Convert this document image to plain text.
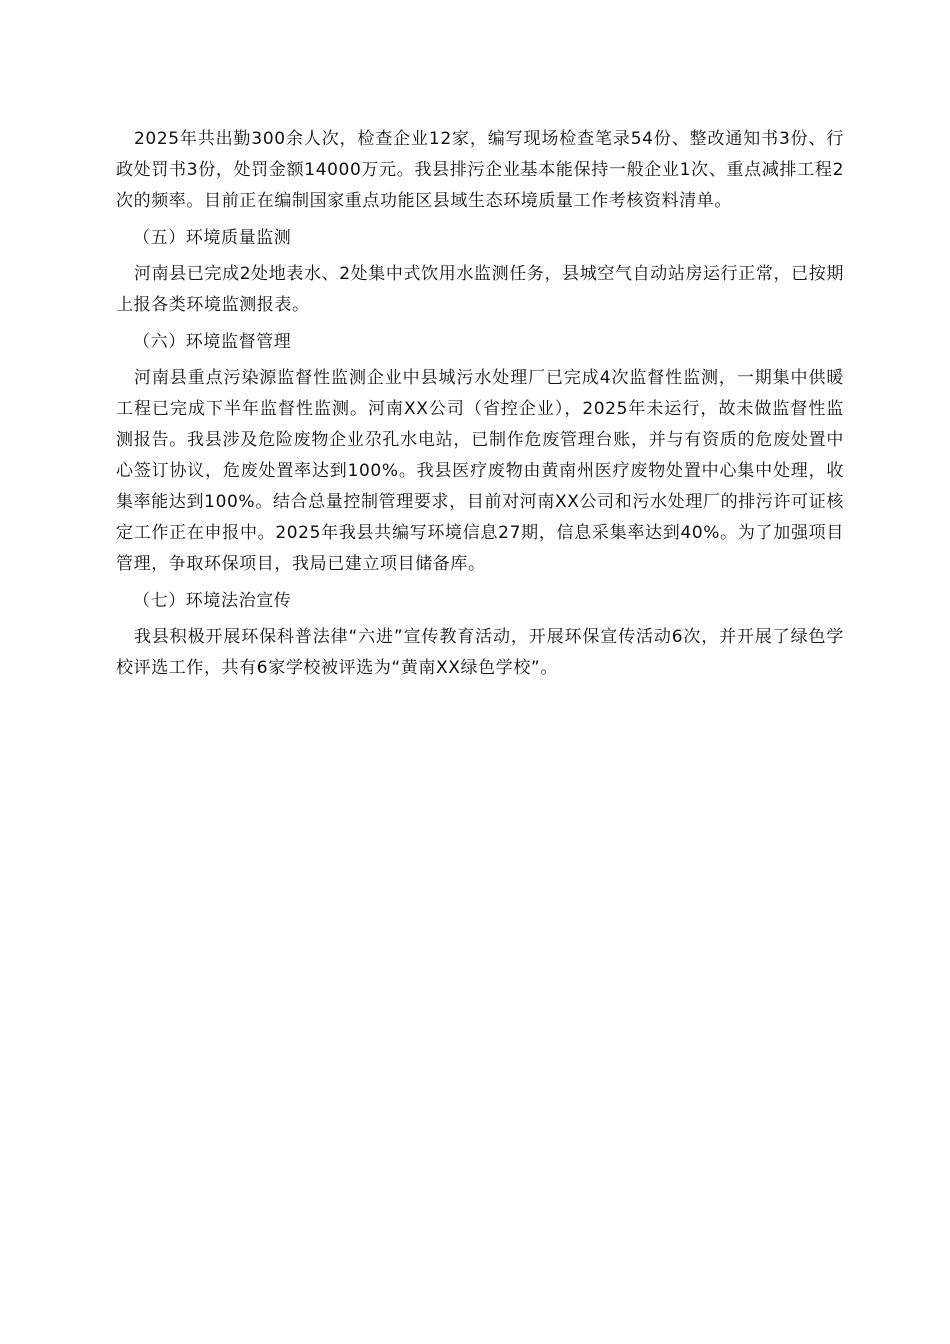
2025年共出勤300余人次，检查企业12家，编写现场检查笔录54份、整改通知书3份、行政处罚书3份，处罚金额14000万元。我县排污企业基本能保持一般企业1次、重点减排工程2次的频率。目前正在编制国家重点功能区县域生态环境质量工作考核资料清单。

（五）环境质量监测

河南县已完成2处地表水、2处集中式饮用水监测任务，县城空气自动站房运行正常，已按期上报各类环境监测报表。

（六）环境监督管理

河南县重点污染源监督性监测企业中县城污水处理厂已完成4次监督性监测，一期集中供暖工程已完成下半年监督性监测。河南XX公司（省控企业），2025年未运行，故未做监督性监测报告。我县涉及危险废物企业尕孔水电站，已制作危废管理台账，并与有资质的危废处置中心签订协议，危废处置率达到100%。我县医疗废物由黄南州医疗废物处置中心集中处理，收集率能达到100%。结合总量控制管理要求，目前对河南XX公司和污水处理厂的排污许可证核定工作正在申报中。2025年我县共编写环境信息27期，信息采集率达到40%。为了加强项目管理，争取环保项目，我局已建立项目储备库。

（七）环境法治宣传

我县积极开展环保科普法律“六进”宣传教育活动，开展环保宣传活动6次，并开展了绿色学校评选工作，共有6家学校被评选为“黄南XX绿色学校”。
